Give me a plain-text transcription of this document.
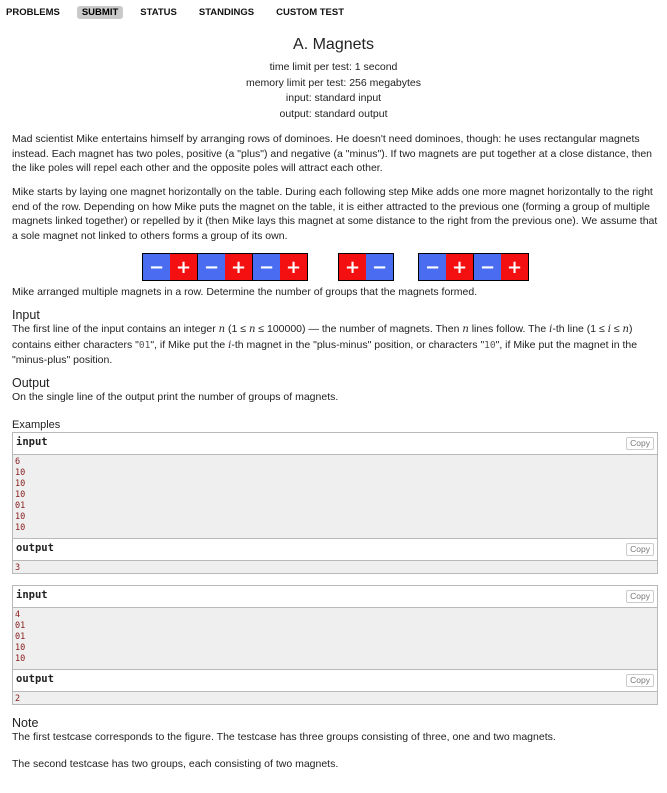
PROBLEMS	SUBMIT	STATUS	STANDINGS	CUSTOM TEST
A. Magnets
time limit per test: 1 second
memory limit per test: 256 megabytes
input: standard input
output: standard output

Mad scientist Mike entertains himself by arranging rows of dominoes. He doesn't need dominoes, though: he uses rectangular magnets instead. Each magnet has two poles, positive (a "plus") and negative (a "minus"). If two magnets are put together at a close distance, then the like poles will repel each other and the opposite poles will attract each other.

Mike starts by laying one magnet horizontally on the table. During each following step Mike adds one more magnet horizontally to the right end of the row. Depending on how Mike puts the magnet on the table, it is either attracted to the previous one (forming a group of multiple magnets linked together) or repelled by it (then Mike lays this magnet at some distance to the right from the previous one). We assume that a sole magnet not linked to others forms a group of its own.

− + − + − +	+ −	− + − +

Mike arranged multiple magnets in a row. Determine the number of groups that the magnets formed.

Input

The first line of the input contains an integer n (1 ≤ n ≤ 100000) — the number of magnets. Then n lines follow. The i-th line (1 ≤ i ≤ n) contains either characters "01", if Mike put the i-th magnet in the "plus-minus" position, or characters "10", if Mike put the magnet in the "minus-plus" position.

Output

On the single line of the output print the number of groups of magnets.

Examples

input	Copy
6
10
10
10
01
10
10
output	Copy
3
input	Copy
4
01
01
10
10
output	Copy
2
Note

The first testcase corresponds to the figure. The testcase has three groups consisting of three, one and two magnets.

The second testcase has two groups, each consisting of two magnets.
